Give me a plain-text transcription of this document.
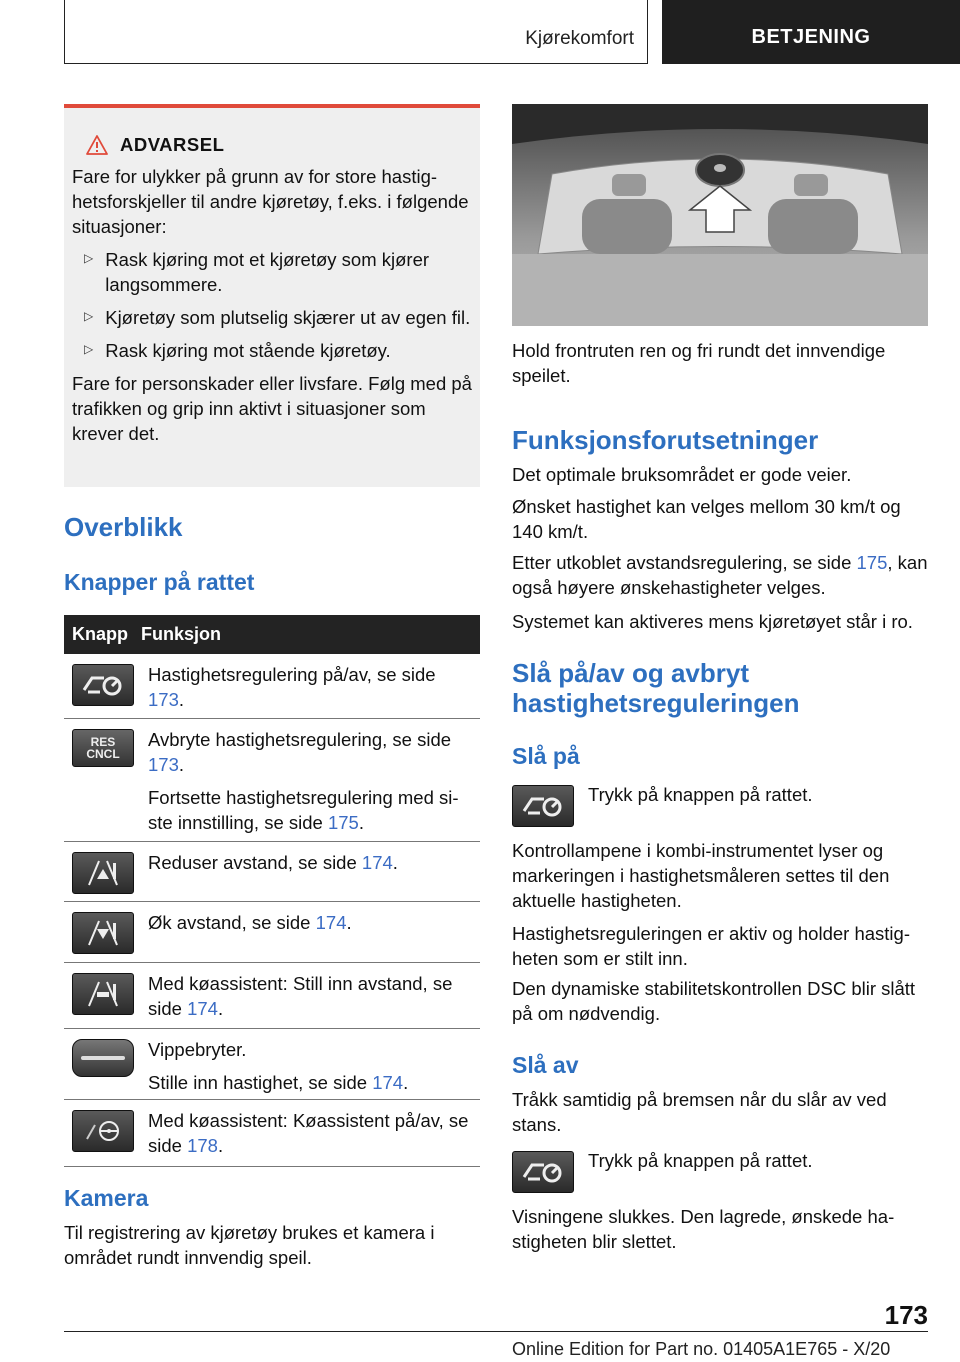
Kjørekomfort	BETJENING
ADVARSEL

Fare for ulykker på grunn av for store hastighetsforskjeller til andre kjøretøy, f.eks. i følgende situasjoner:

▷ Rask kjøring mot et kjøretøy som kjører langsommere.
▷ Kjøretøy som plutselig skjærer ut av egen fil.
▷ Rask kjøring mot stående kjøretøy.

Fare for personskader eller livsfare. Følg med på trafikken og grip inn aktivt i situasjoner som krever det.

Overblikk
Knapper på rattet
Knapp Funksjon

Hastighetsregulering på/av, se side 173.

RES
CNCL

Avbryte hastighetsregulering, se side 173.

Fortsette hastighetsregulering med siste innstilling, se side 175.

Reduser avstand, se side 174.

Øk avstand, se side 174.

Med køassistent: Still inn avstand, se side 174.

Vippebryter.

Stille inn hastighet, se side 174.

Med køassistent: Køassistent på/av, se side 178.

Kamera

Til registrering av kjøretøy brukes et kamera i området rundt innvendig speil.

Hold frontruten ren og fri rundt det innvendige speilet.

Funksjonsforutsetninger

Det optimale bruksområdet er gode veier.

Ønsket hastighet kan velges mellom 30 km/t og 140 km/t.

Etter utkoblet avstandsregulering, se side 175, kan også høyere ønskehastigheter velges.

Systemet kan aktiveres mens kjøretøyet står i ro.

Slå på/av og avbryt
hastighetsreguleringen
Slå på

Trykk på knappen på rattet.

Kontrollampene i kombi-instrumentet lyser og markeringen i hastighetsmåleren settes til den aktuelle hastigheten.

Hastighetsreguleringen er aktiv og holder hastigheten som er stilt inn.

Den dynamiske stabilitetskontrollen DSC blir slått på om nødvendig.

Slå av

Tråkk samtidig på bremsen når du slår av ved stans.

Trykk på knappen på rattet.

Visningene slukkes. Den lagrede, ønskede hastigheten blir slettet.

173
Online Edition for Part no. 01405A1E765 - X/20
